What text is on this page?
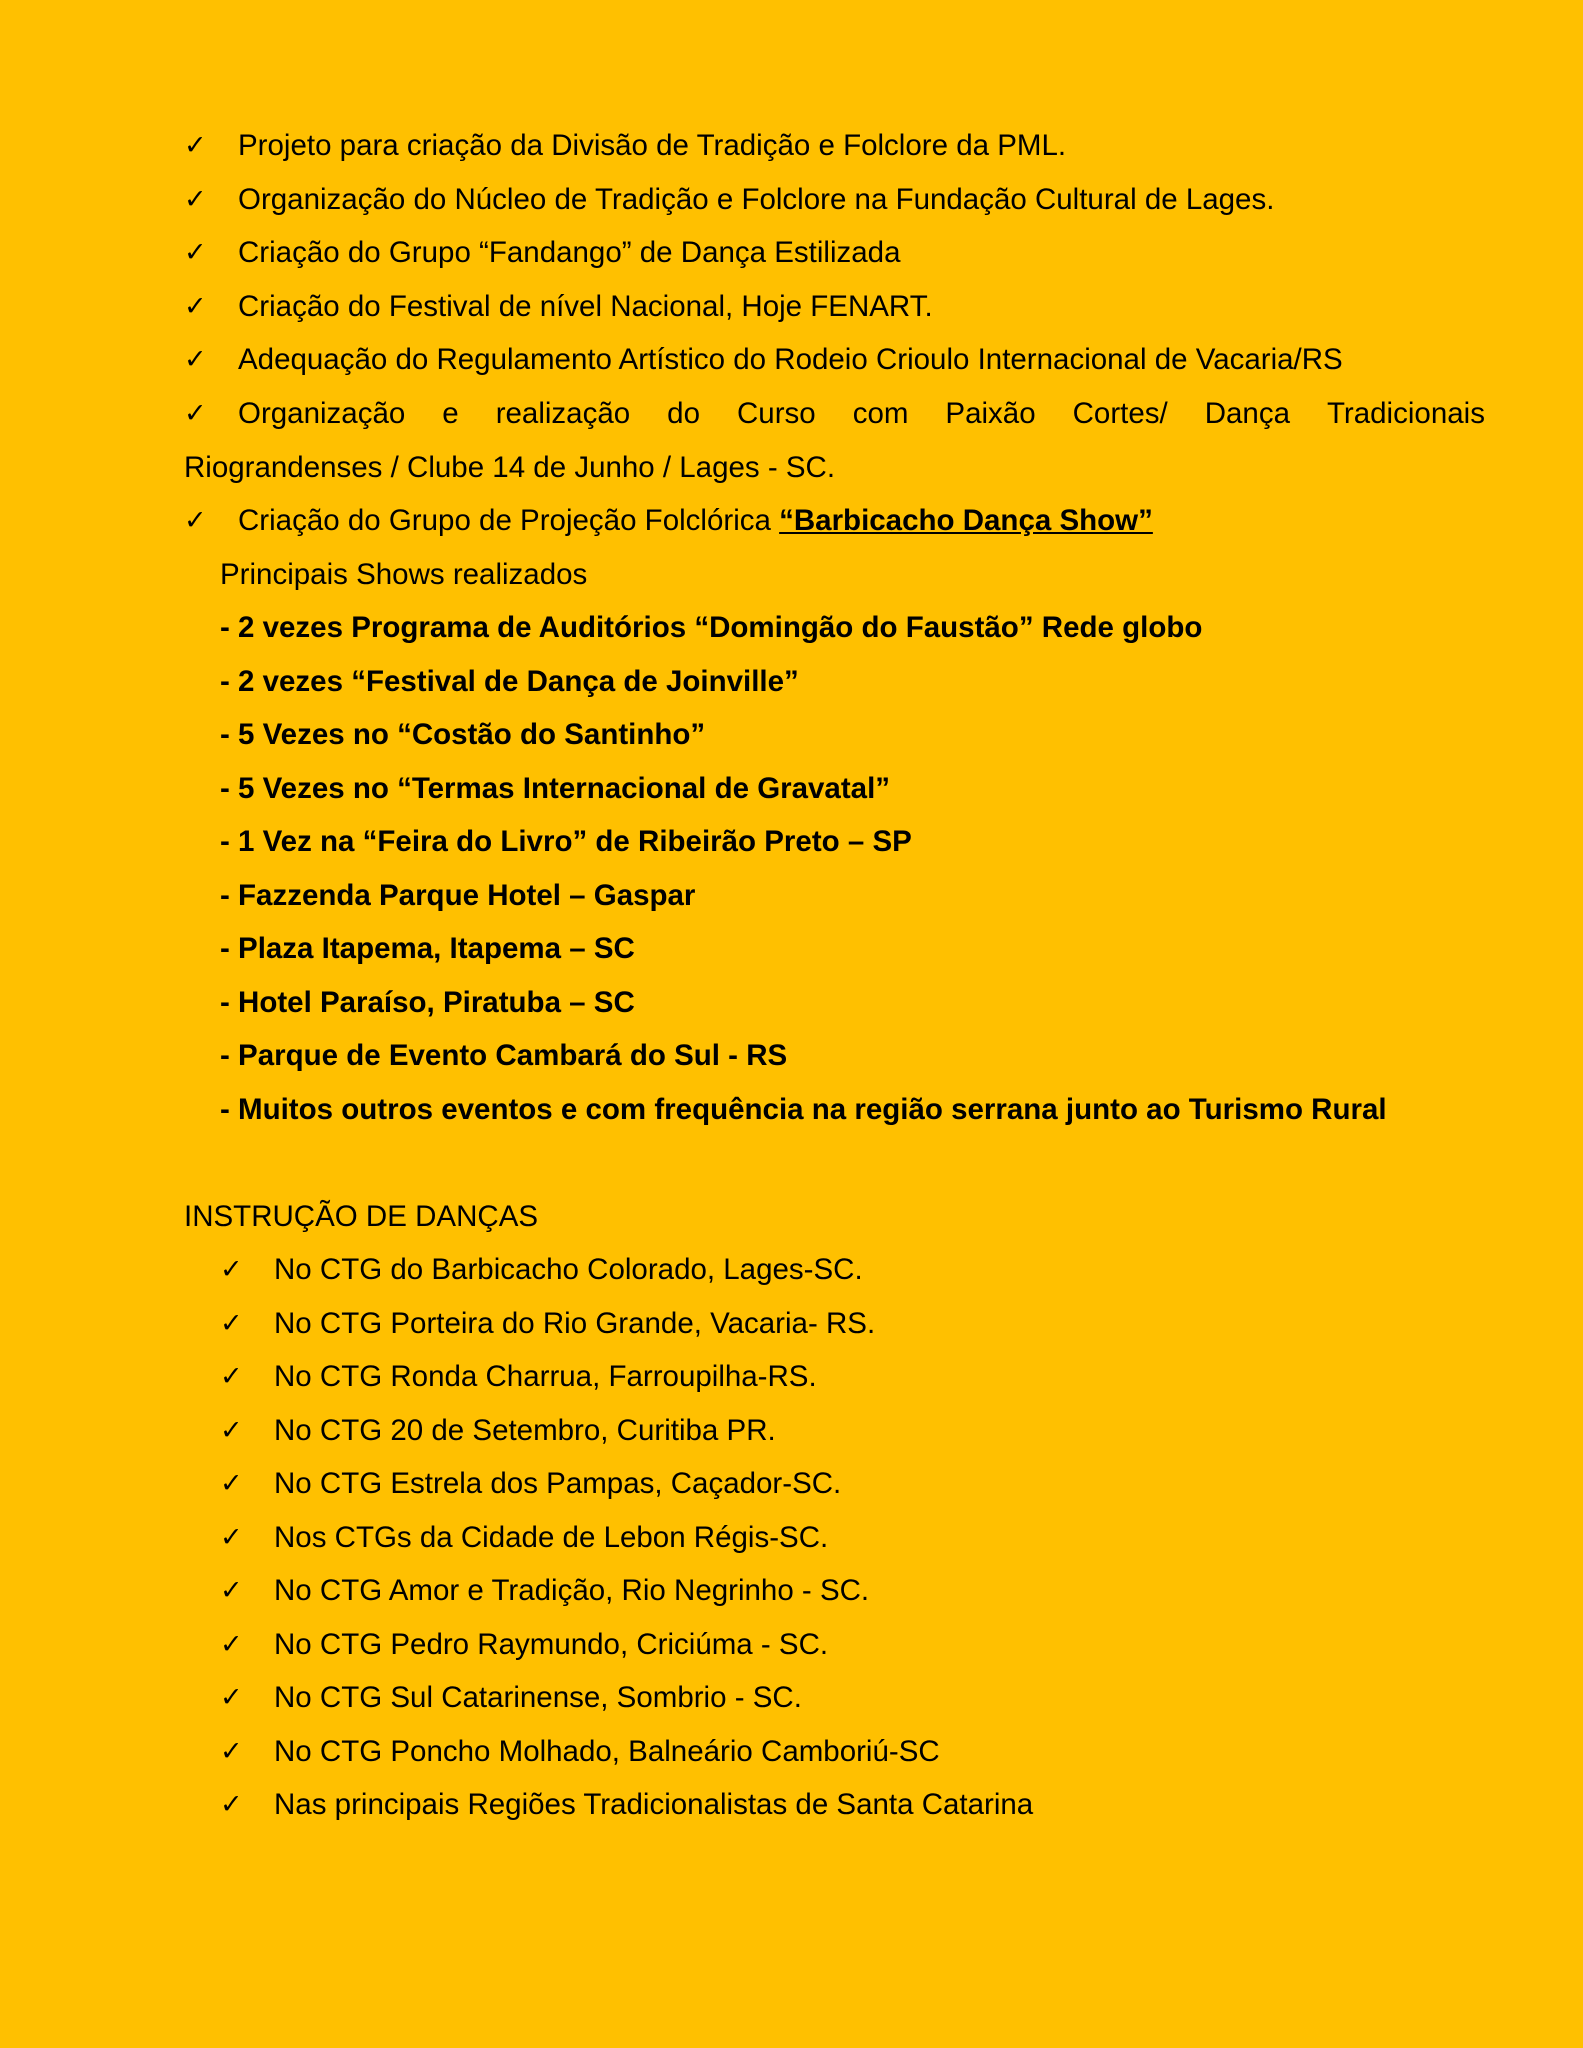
✓ Projeto para criação da Divisão de Tradição e Folclore da PML.
✓ Organização do Núcleo de Tradição e Folclore na Fundação Cultural de Lages.
✓ Criação do Grupo “Fandango” de Dança Estilizada
✓ Criação do Festival de nível Nacional, Hoje FENART.
✓ Adequação do Regulamento Artístico do Rodeio Crioulo Internacional de Vacaria/RS
✓ Organização e realização do Curso com Paixão Cortes/ Dança Tradicionais
Riograndenses / Clube 14 de Junho / Lages - SC.
✓ Criação do Grupo de Projeção Folclórica “Barbicacho Dança Show”
Principais Shows realizados
- 2 vezes Programa de Auditórios “Domingão do Faustão” Rede globo
- 2 vezes “Festival de Dança de Joinville”
- 5 Vezes no “Costão do Santinho”
- 5 Vezes no “Termas Internacional de Gravatal”
- 1 Vez na “Feira do Livro” de Ribeirão Preto – SP
- Fazzenda Parque Hotel – Gaspar
- Plaza Itapema, Itapema – SC
- Hotel Paraíso, Piratuba – SC
- Parque de Evento Cambará do Sul - RS
- Muitos outros eventos e com frequência na região serrana junto ao Turismo Rural
INSTRUÇÃO DE DANÇAS
✓ No CTG do Barbicacho Colorado, Lages-SC.
✓ No CTG Porteira do Rio Grande, Vacaria- RS.
✓ No CTG Ronda Charrua, Farroupilha-RS.
✓ No CTG 20 de Setembro, Curitiba PR.
✓ No CTG Estrela dos Pampas, Caçador-SC.
✓ Nos CTGs da Cidade de Lebon Régis-SC.
✓ No CTG Amor e Tradição, Rio Negrinho - SC.
✓ No CTG Pedro Raymundo, Criciúma - SC.
✓ No CTG Sul Catarinense, Sombrio - SC.
✓ No CTG Poncho Molhado, Balneário Camboriú-SC
✓ Nas principais Regiões Tradicionalistas de Santa Catarina
